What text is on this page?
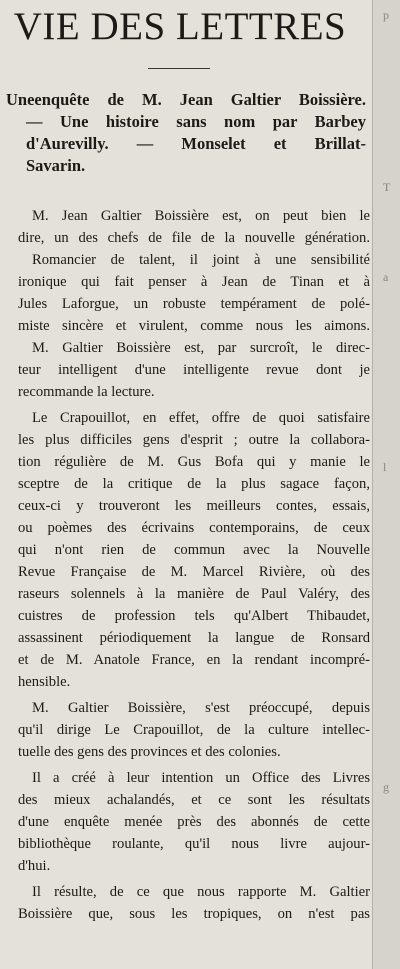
VIE DES LETTRES
Uneenquête de M. Jean Galtier Boissière.
— Une histoire sans nom par Barbey
d'Aurevilly. — Monselet et Brillat-
Savarin.
M. Jean Galtier Boissière est, on peut bien le
dire, un des chefs de file de la nouvelle génération.
Romancier de talent, il joint à une sensibilité
ironique qui fait penser à Jean de Tinan et à
Jules Laforgue, un robuste tempérament de polé-
miste sincère et virulent, comme nous les aimons.
M. Galtier Boissière est, par surcroît, le direc-
teur intelligent d'une intelligente revue dont je
recommande la lecture.
Le Crapouillot, en effet, offre de quoi satisfaire
les plus difficiles gens d'esprit ; outre la collabora-
tion régulière de M. Gus Bofa qui y manie le
sceptre de la critique de la plus sagace façon,
ceux-ci y trouveront les meilleurs contes, essais,
ou poèmes des écrivains contemporains, de ceux
qui n'ont rien de commun avec la Nouvelle
Revue Française de M. Marcel Rivière, où des
raseurs solennels à la manière de Paul Valéry, des
cuistres de profession tels qu'Albert Thibaudet,
assassinent périodiquement la langue de Ronsard
et de M. Anatole France, en la rendant incompré-
hensible.
M. Galtier Boissière, s'est préoccupé, depuis
qu'il dirige Le Crapouillot, de la culture intellec-
tuelle des gens des provinces et des colonies.
Il a créé à leur intention un Office des Livres
des mieux achalandés, et ce sont les résultats
d'une enquête menée près des abonnés de cette
bibliothèque roulante, qu'il nous livre aujour-
d'hui.
Il résulte, de ce que nous rapporte M. Galtier
Boissière que, sous les tropiques, on n'est pas
p
T
a
l
g
